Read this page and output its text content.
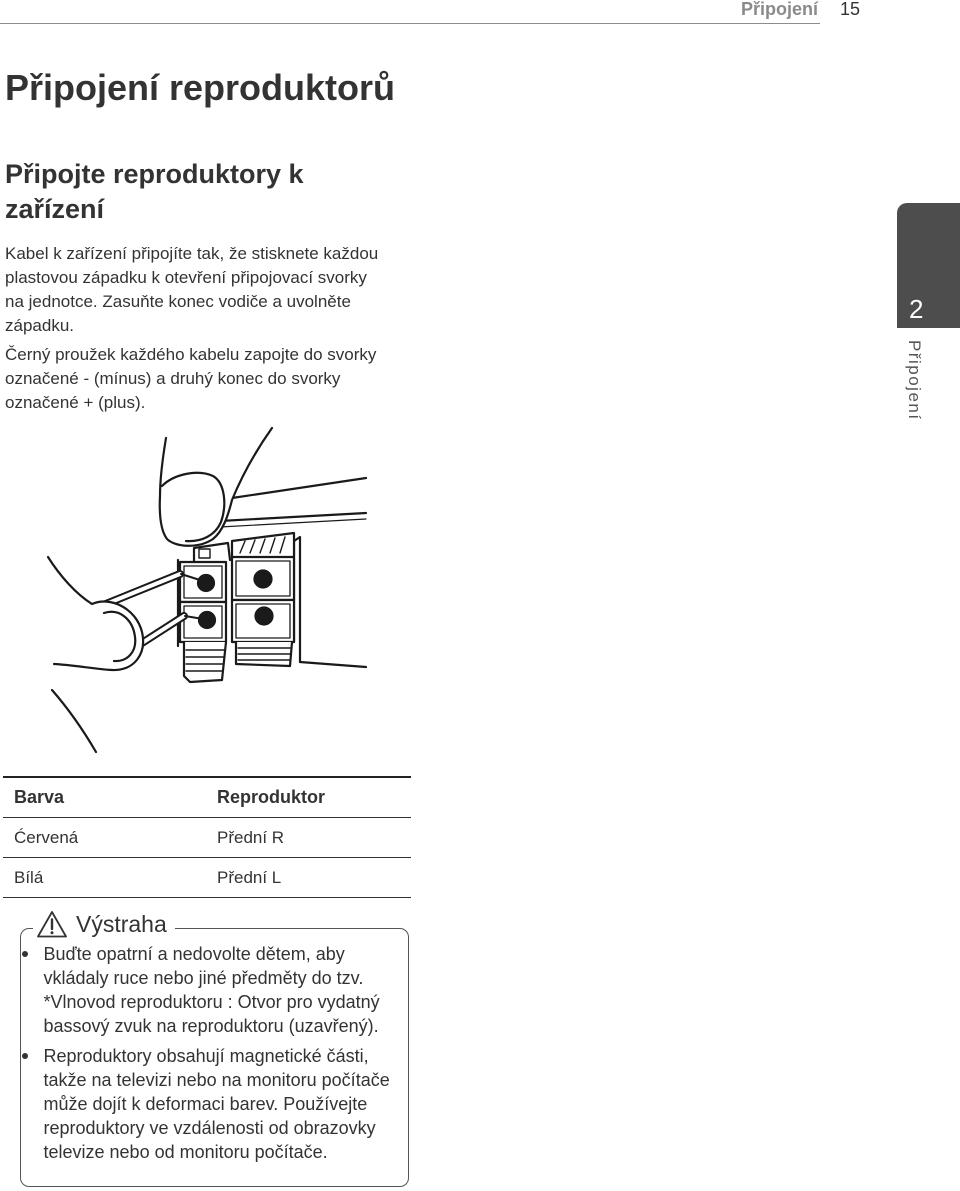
Připojení 15
Připojení reproduktorů
Připojte reproduktory k
zařízení

Kabel k zařízení připojíte tak, že stisknete každou
plastovou západku k otevření připojovací svorky
na jednotce. Zasuňte konec vodiče a uvolněte
západku.

Černý proužek každého kabelu zapojte do svorky
označené - (mínus) a druhý konec do svorky
označené + (plus).

2
Připojení
Barva	Reproduktor
Ćervená	Přední R
Bílá	Přední L
Výstraha
Buďte opatrní a nedovolte dětem, aby
vkládaly ruce nebo jiné předměty do tzv.
*Vlnovod reproduktoru : Otvor pro vydatný
bassový zvuk na reproduktoru (uzavřený).
Reproduktory obsahují magnetické části,
takže na televizi nebo na monitoru počítače
může dojít k deformaci barev. Používejte
reproduktory ve vzdálenosti od obrazovky
televize nebo od monitoru počítače.
